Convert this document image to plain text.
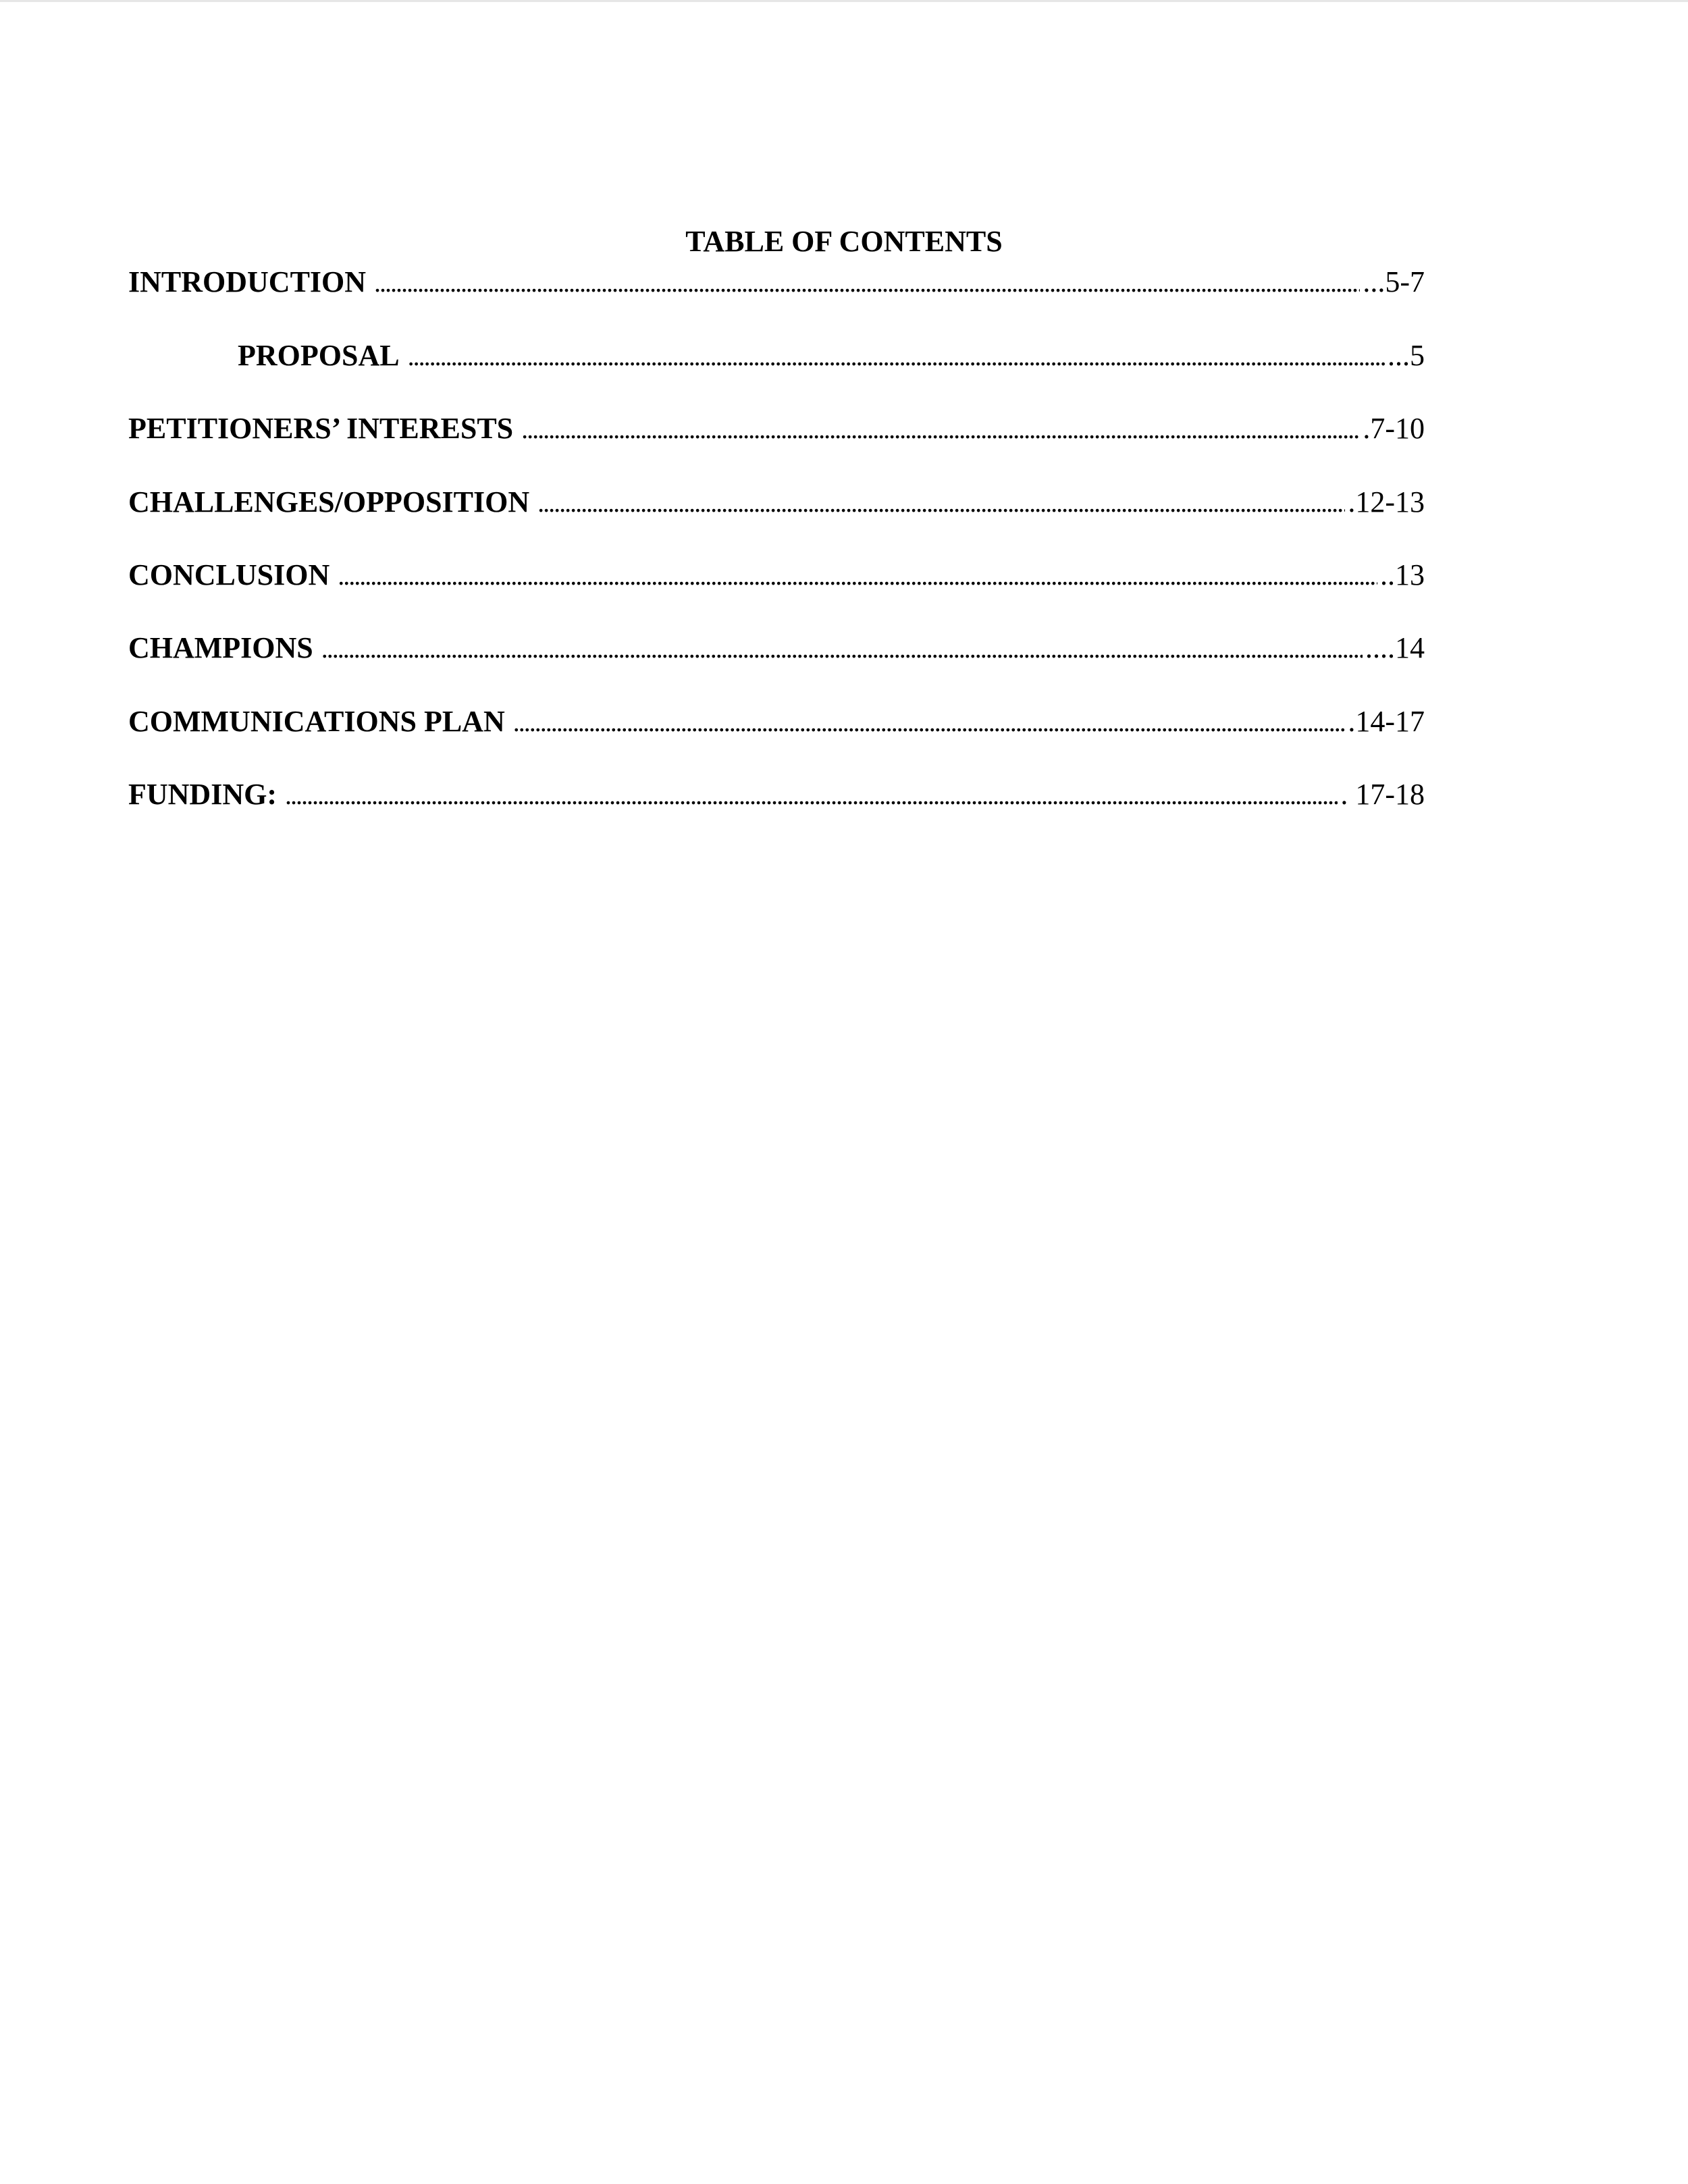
TABLE OF CONTENTS
INTRODUCTION . . .	...5-7
PROPOSAL . . .	...5
PETITIONERS’ INTERESTS . . .	.7-10
CHALLENGES/OPPOSITION . . .	.12-13
CONCLUSION . . .	..13
CHAMPIONS . . .	....14
COMMUNICATIONS PLAN . . .	.14-17
FUNDING: . . .	. 17-18
